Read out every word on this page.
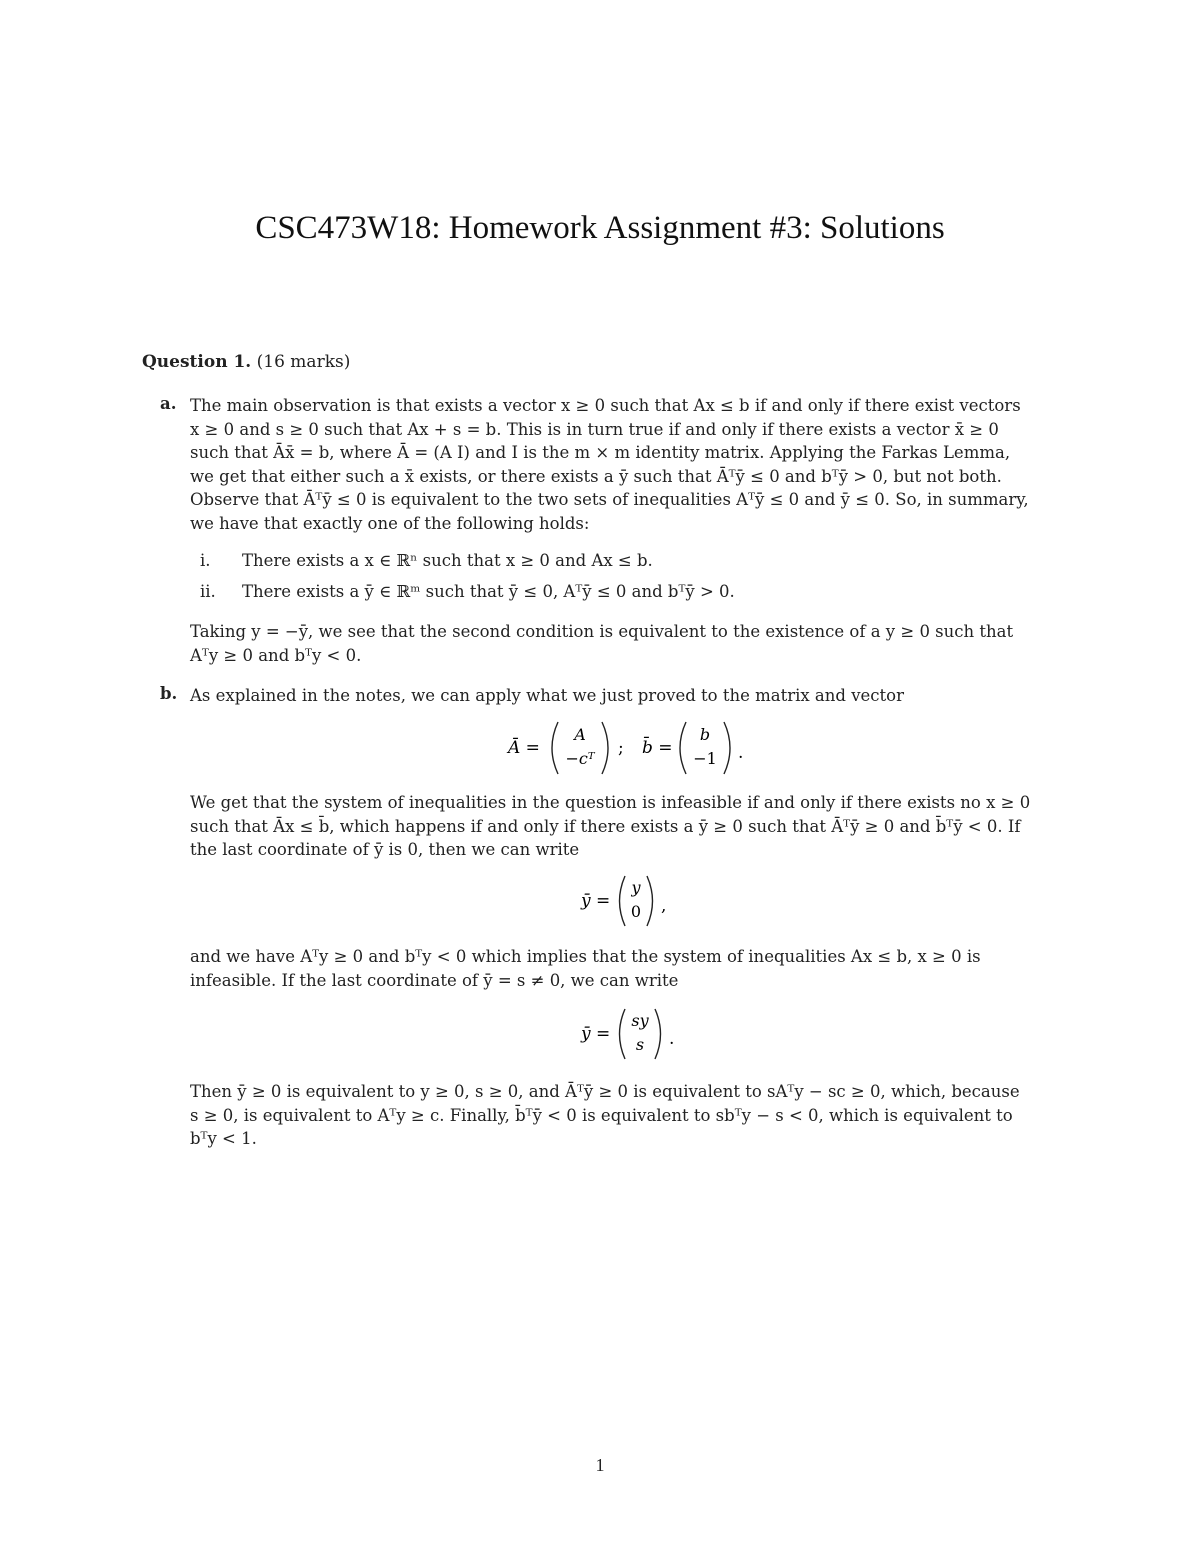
CSC473W18: Homework Assignment #3: Solutions
Question 1. (16 marks)
a. The main observation is that exists a vector x ≥ 0 such that Ax ≤ b if and only if there exist vectors
x ≥ 0 and s ≥ 0 such that Ax + s = b. This is in turn true if and only if there exists a vector x̄ ≥ 0
such that Āx̄ = b, where Ā = (A I) and I is the m × m identity matrix. Applying the Farkas Lemma,
we get that either such a x̄ exists, or there exists a ȳ such that Āᵀȳ ≤ 0 and bᵀȳ > 0, but not both.
Observe that Āᵀȳ ≤ 0 is equivalent to the two sets of inequalities Aᵀȳ ≤ 0 and ȳ ≤ 0. So, in summary,
we have that exactly one of the following holds:
i. There exists a x ∈ ℝⁿ such that x ≥ 0 and Ax ≤ b.
ii. There exists a ȳ ∈ ℝᵐ such that ȳ ≤ 0, Aᵀȳ ≤ 0 and bᵀȳ > 0.
Taking y = −ȳ, we see that the second condition is equivalent to the existence of a y ≥ 0 such that
Aᵀy ≥ 0 and bᵀy < 0.
b. As explained in the notes, we can apply what we just proved to the matrix and vector
Ā =
A
−cᵀ
; b̄ =
b
−1 .
We get that the system of inequalities in the question is infeasible if and only if there exists no x ≥ 0
such that Āx ≤ b̄, which happens if and only if there exists a ȳ ≥ 0 such that Āᵀȳ ≥ 0 and b̄ᵀȳ < 0. If
the last coordinate of ȳ is 0, then we can write
ȳ =
y
0 ,
and we have Aᵀy ≥ 0 and bᵀy < 0 which implies that the system of inequalities Ax ≤ b, x ≥ 0 is
infeasible. If the last coordinate of ȳ = s ≠ 0, we can write
ȳ =
sy
s .
Then ȳ ≥ 0 is equivalent to y ≥ 0, s ≥ 0, and Āᵀȳ ≥ 0 is equivalent to sAᵀy − sc ≥ 0, which, because
s ≥ 0, is equivalent to Aᵀy ≥ c. Finally, b̄ᵀȳ < 0 is equivalent to sbᵀy − s < 0, which is equivalent to
bᵀy < 1.
1
